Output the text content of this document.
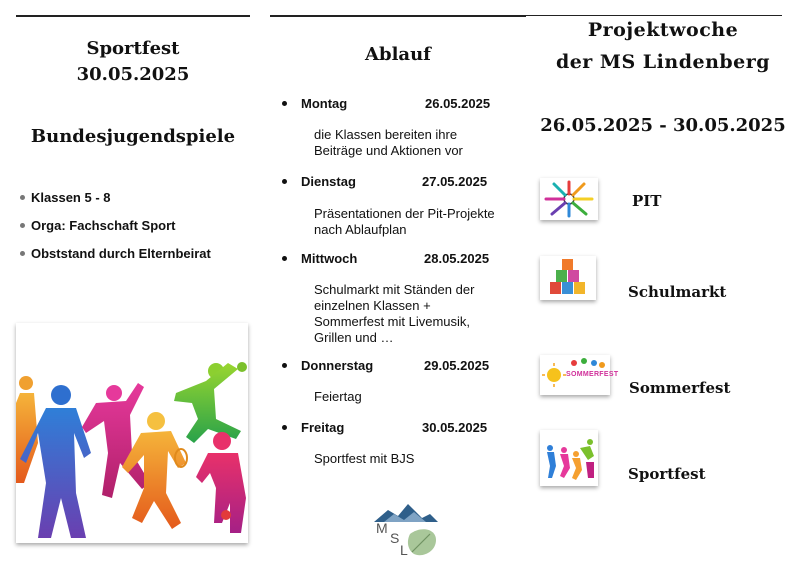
Sportfest
30.05.2025
Bundesjugendspiele
Klassen 5 - 8
Orga: Fachschaft Sport
Obststand durch Elternbeirat
Ablauf
Montag	26.05.2025
die Klassen bereiten ihre Beiträge und Aktionen vor
Dienstag	27.05.2025
Präsentationen der Pit-Projekte nach Ablaufplan
Mittwoch	28.05.2025
Schulmarkt mit Ständen der einzelnen Klassen + Sommerfest mit Livemusik, Grillen und …
Donnerstag	29.05.2025
Feiertag
Freitag	30.05.2025
Sportfest mit BJS
M
S
L
Projektwoche
der MS Lindenberg
26.05.2025 - 30.05.2025
PIT
Schulmarkt
SOMMERFEST
Sommerfest
Sportfest
